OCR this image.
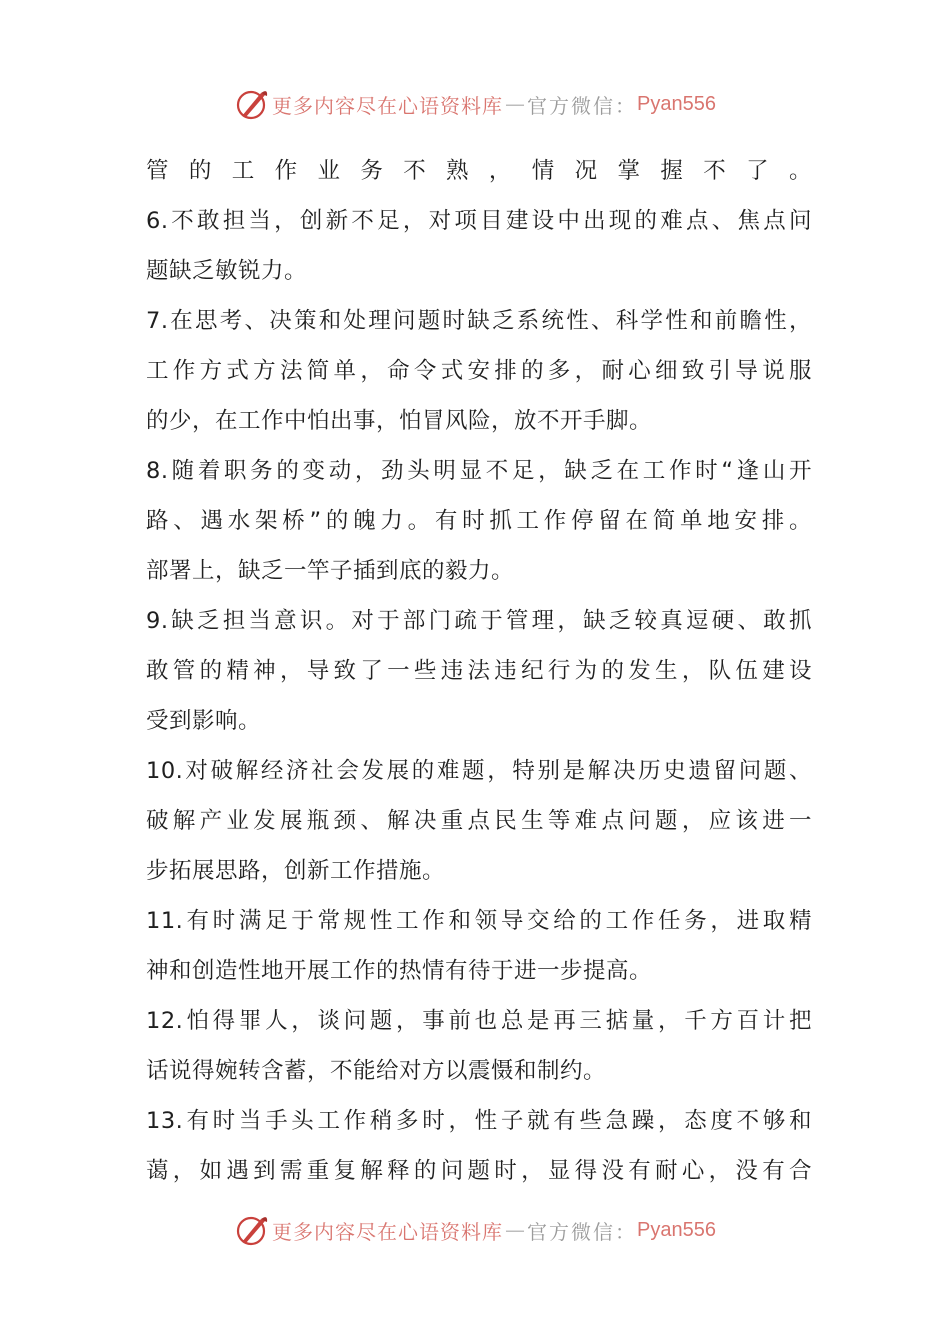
更多内容尽在心语资料库 — 官方微信： Pyan556
管的工作业务不熟，情况掌握不了。
6.不敢担当，创新不足，对项目建设中出现的难点、焦点问
题缺乏敏锐力。
7.在思考、决策和处理问题时缺乏系统性、科学性和前瞻性，
工作方式方法简单，命令式安排的多，耐心细致引导说服
的少，在工作中怕出事，怕冒风险，放不开手脚。
8.随着职务的变动，劲头明显不足，缺乏在工作时“逢山开
路、遇水架桥”的魄力。有时抓工作停留在简单地安排。
部署上，缺乏一竿子插到底的毅力。
9.缺乏担当意识。对于部门疏于管理，缺乏较真逗硬、敢抓
敢管的精神，导致了一些违法违纪行为的发生，队伍建设
受到影响。
10.对破解经济社会发展的难题，特别是解决历史遗留问题、
破解产业发展瓶颈、解决重点民生等难点问题，应该进一
步拓展思路，创新工作措施。
11.有时满足于常规性工作和领导交给的工作任务，进取精
神和创造性地开展工作的热情有待于进一步提高。
12.怕得罪人，谈问题，事前也总是再三掂量，千方百计把
话说得婉转含蓄，不能给对方以震慑和制约。
13.有时当手头工作稍多时，性子就有些急躁，态度不够和
蔼，如遇到需重复解释的问题时，显得没有耐心，没有合
更多内容尽在心语资料库 — 官方微信： Pyan556
